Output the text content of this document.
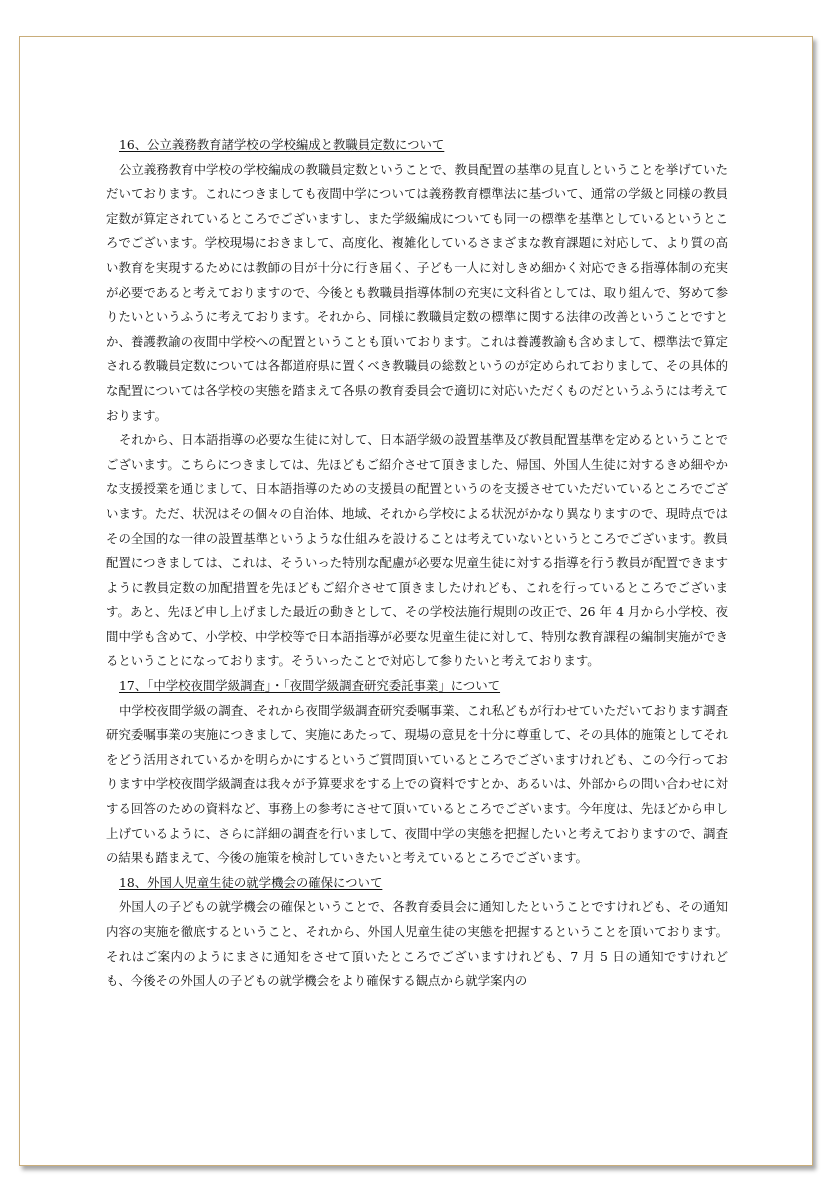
16、公立義務教育諸学校の学校編成と教職員定数について

公立義務教育中学校の学校編成の教職員定数ということで、教員配置の基準の見直しということを挙げていただいております。これにつきましても夜間中学については義務教育標準法に基づいて、通常の学級と同様の教員定数が算定されているところでございますし、また学級編成についても同一の標準を基準としているというところでございます。学校現場におきまして、高度化、複雑化しているさまざまな教育課題に対応して、より質の高い教育を実現するためには教師の目が十分に行き届く、子ども一人に対しきめ細かく対応できる指導体制の充実が必要であると考えておりますので、今後とも教職員指導体制の充実に文科省としては、取り組んで、努めて参りたいというふうに考えております。それから、同様に教職員定数の標準に関する法律の改善ということですとか、養護教諭の夜間中学校への配置ということも頂いております。これは養護教諭も含めまして、標準法で算定される教職員定数については各都道府県に置くべき教職員の総数というのが定められておりまして、その具体的な配置については各学校の実態を踏まえて各県の教育委員会で適切に対応いただくものだというふうには考えております。

それから、日本語指導の必要な生徒に対して、日本語学級の設置基準及び教員配置基準を定めるということでございます。こちらにつきましては、先ほどもご紹介させて頂きました、帰国、外国人生徒に対するきめ細やかな支援授業を通じまして、日本語指導のための支援員の配置というのを支援させていただいているところでございます。ただ、状況はその個々の自治体、地域、それから学校による状況がかなり異なりますので、現時点ではその全国的な一律の設置基準というような仕組みを設けることは考えていないというところでございます。教員配置につきましては、これは、そういった特別な配慮が必要な児童生徒に対する指導を行う教員が配置できますように教員定数の加配措置を先ほどもご紹介させて頂きましたけれども、これを行っているところでございます。あと、先ほど申し上げました最近の動きとして、その学校法施行規則の改正で、26 年 4 月から小学校、夜間中学も含めて、小学校、中学校等で日本語指導が必要な児童生徒に対して、特別な教育課程の編制実施ができるということになっております。そういったことで対応して参りたいと考えております。

17、「中学校夜間学級調査」・「夜間学級調査研究委託事業」について

中学校夜間学級の調査、それから夜間学級調査研究委嘱事業、これ私どもが行わせていただいております調査研究委嘱事業の実施につきまして、実施にあたって、現場の意見を十分に尊重して、その具体的施策としてそれをどう活用されているかを明らかにするというご質問頂いているところでございますけれども、この今行っております中学校夜間学級調査は我々が予算要求をする上での資料ですとか、あるいは、外部からの問い合わせに対する回答のための資料など、事務上の参考にさせて頂いているところでございます。今年度は、先ほどから申し上げているように、さらに詳細の調査を行いまして、夜間中学の実態を把握したいと考えておりますので、調査の結果も踏まえて、今後の施策を検討していきたいと考えているところでございます。

18、外国人児童生徒の就学機会の確保について

外国人の子どもの就学機会の確保ということで、各教育委員会に通知したということですけれども、その通知内容の実施を徹底するということ、それから、外国人児童生徒の実態を把握するということを頂いております。それはご案内のようにまさに通知をさせて頂いたところでございますけれども、7 月 5 日の通知ですけれども、今後その外国人の子どもの就学機会をより確保する観点から就学案内の
